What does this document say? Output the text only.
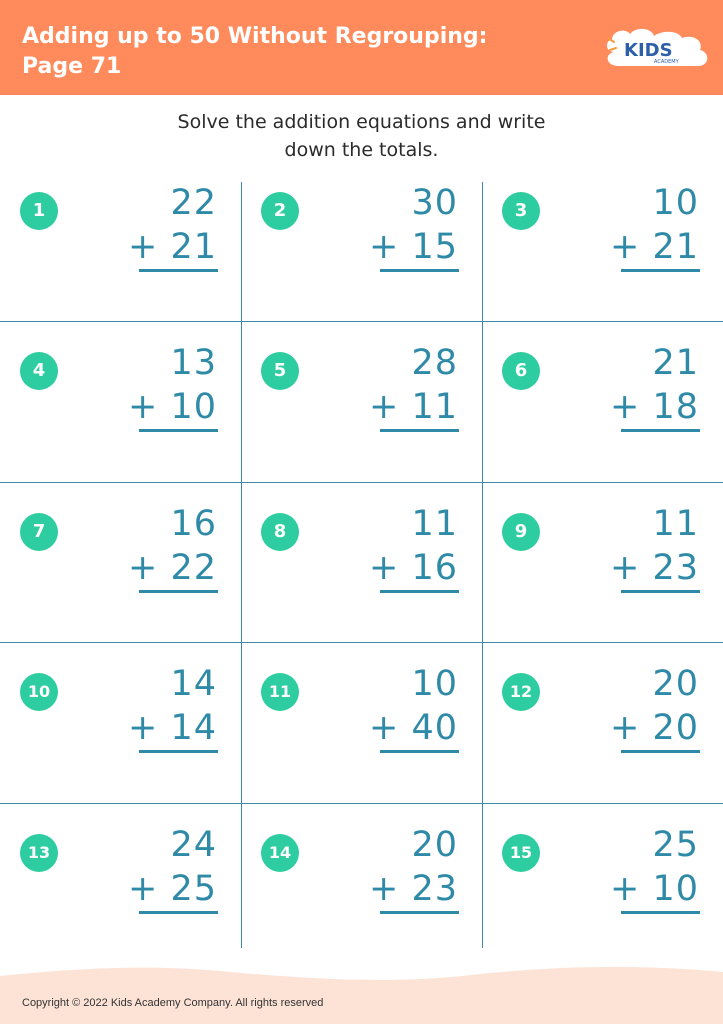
Adding up to 50 Without Regrouping:
Page 71
KIDS
ACADEMY
Solve the addition equations and write
down the totals.
1	22
+ 21
2	30
+ 15
3	10
+ 21
4	13
+ 10
5	28
+ 11
6	21
+ 18
7	16
+ 22
8	11
+ 16
9	11
+ 23
10	14
+ 14
11	10
+ 40
12	20
+ 20
13	24
+ 25
14	20
+ 23
15	25
+ 10
Copyright © 2022 Kids Academy Company. All rights reserved
